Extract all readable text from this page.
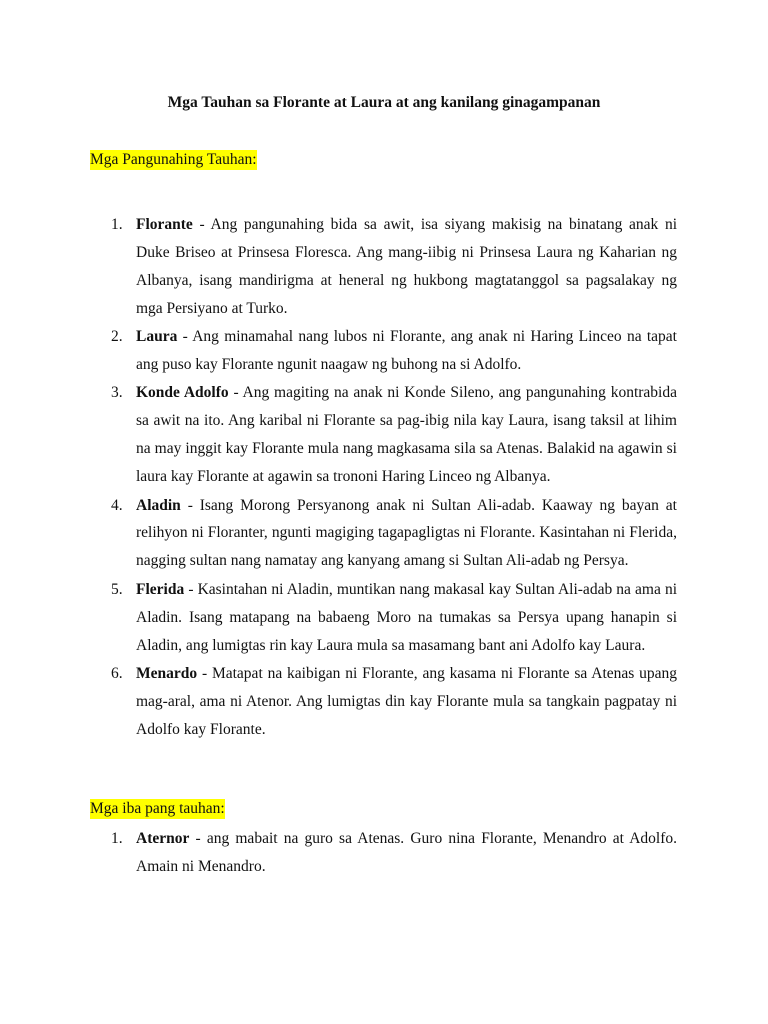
Mga Tauhan sa Florante at Laura at ang kanilang ginagampanan
Mga Pangunahing Tauhan:
1. Florante - Ang pangunahing bida sa awit, isa siyang makisig na binatang anak ni Duke Briseo at Prinsesa Floresca. Ang mang-iibig ni Prinsesa Laura ng Kaharian ng Albanya, isang mandirigma at heneral ng hukbong magtatanggol sa pagsalakay ng mga Persiyano at Turko.
2. Laura - Ang minamahal nang lubos ni Florante, ang anak ni Haring Linceo na tapat ang puso kay Florante ngunit naagaw ng buhong na si Adolfo.
3. Konde Adolfo - Ang magiting na anak ni Konde Sileno, ang pangunahing kontrabida sa awit na ito. Ang karibal ni Florante sa pag-ibig nila kay Laura, isang taksil at lihim na may inggit kay Florante mula nang magkasama sila sa Atenas. Balakid na agawin si laura kay Florante at agawin sa trononi Haring Linceo ng Albanya.
4. Aladin - Isang Morong Persyanong anak ni Sultan Ali-adab. Kaaway ng bayan at relihyon ni Floranter, ngunti magiging tagapagligtas ni Florante. Kasintahan ni Flerida, nagging sultan nang namatay ang kanyang amang si Sultan Ali-adab ng Persya.
5. Flerida - Kasintahan ni Aladin, muntikan nang makasal kay Sultan Ali-adab na ama ni Aladin. Isang matapang na babaeng Moro na tumakas sa Persya upang hanapin si Aladin, ang lumigtas rin kay Laura mula sa masamang bant ani Adolfo kay Laura.
6. Menardo - Matapat na kaibigan ni Florante, ang kasama ni Florante sa Atenas upang mag-aral, ama ni Atenor. Ang lumigtas din kay Florante mula sa tangkain pagpatay ni Adolfo kay Florante.
Mga iba pang tauhan:
1. Aternor - ang mabait na guro sa Atenas. Guro nina Florante, Menandro at Adolfo. Amain ni Menandro.
